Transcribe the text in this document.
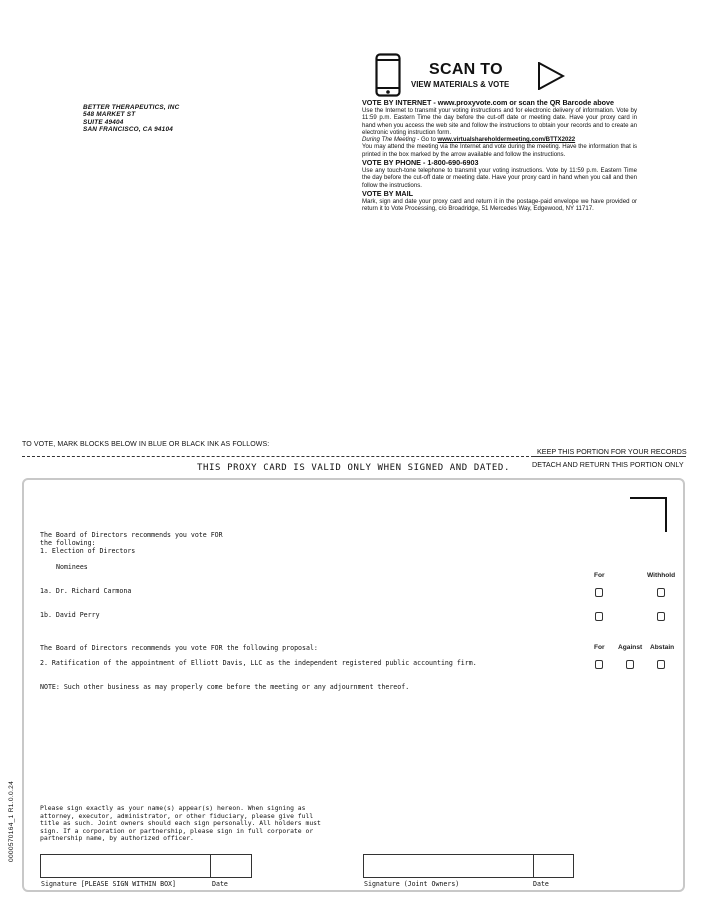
BETTER THERAPEUTICS, INC
548 MARKET ST
SUITE 49404
SAN FRANCISCO, CA 94104
SCAN TO
VIEW MATERIALS & VOTE
VOTE BY INTERNET - www.proxyvote.com or scan the QR Barcode above

Use the Internet to transmit your voting instructions and for electronic delivery of information. Vote by 11:59 p.m. Eastern Time the day before the cut-off date or meeting date. Have your proxy card in hand when you access the web site and follow the instructions to obtain your records and to create an electronic voting instruction form.

During The Meeting - Go to www.virtualshareholdermeeting.com/BTTX2022

You may attend the meeting via the Internet and vote during the meeting. Have the information that is printed in the box marked by the arrow available and follow the instructions.

VOTE BY PHONE - 1-800-690-6903

Use any touch-tone telephone to transmit your voting instructions. Vote by 11:59 p.m. Eastern Time the day before the cut-off date or meeting date. Have your proxy card in hand when you call and then follow the instructions.

VOTE BY MAIL

Mark, sign and date your proxy card and return it in the postage-paid envelope we have provided or return it to Vote Processing, c/o Broadridge, 51 Mercedes Way, Edgewood, NY 11717.

TO VOTE, MARK BLOCKS BELOW IN BLUE OR BLACK INK AS FOLLOWS:
KEEP THIS PORTION FOR YOUR RECORDS
THIS PROXY CARD IS VALID ONLY WHEN SIGNED AND DATED.	DETACH AND RETURN THIS PORTION ONLY
The Board of Directors recommends you vote FOR
the following:
1. Election of Directors
Nominees
For	Withhold
1a. Dr. Richard Carmona
1b. David Perry
The Board of Directors recommends you vote FOR the following proposal:	For Against Abstain
2. Ratification of the appointment of Elliott Davis, LLC as the independent registered public accounting firm.
NOTE: Such other business as may properly come before the meeting or any adjournment thereof.
Please sign exactly as your name(s) appear(s) hereon. When signing as
attorney, executor, administrator, or other fiduciary, please give full
title as such. Joint owners should each sign personally. All holders must
sign. If a corporation or partnership, please sign in full corporate or
partnership name, by authorized officer.
Signature [PLEASE SIGN WITHIN BOX]	Date	Signature (Joint Owners)	Date
0000570164_1 R1.0.0.24
